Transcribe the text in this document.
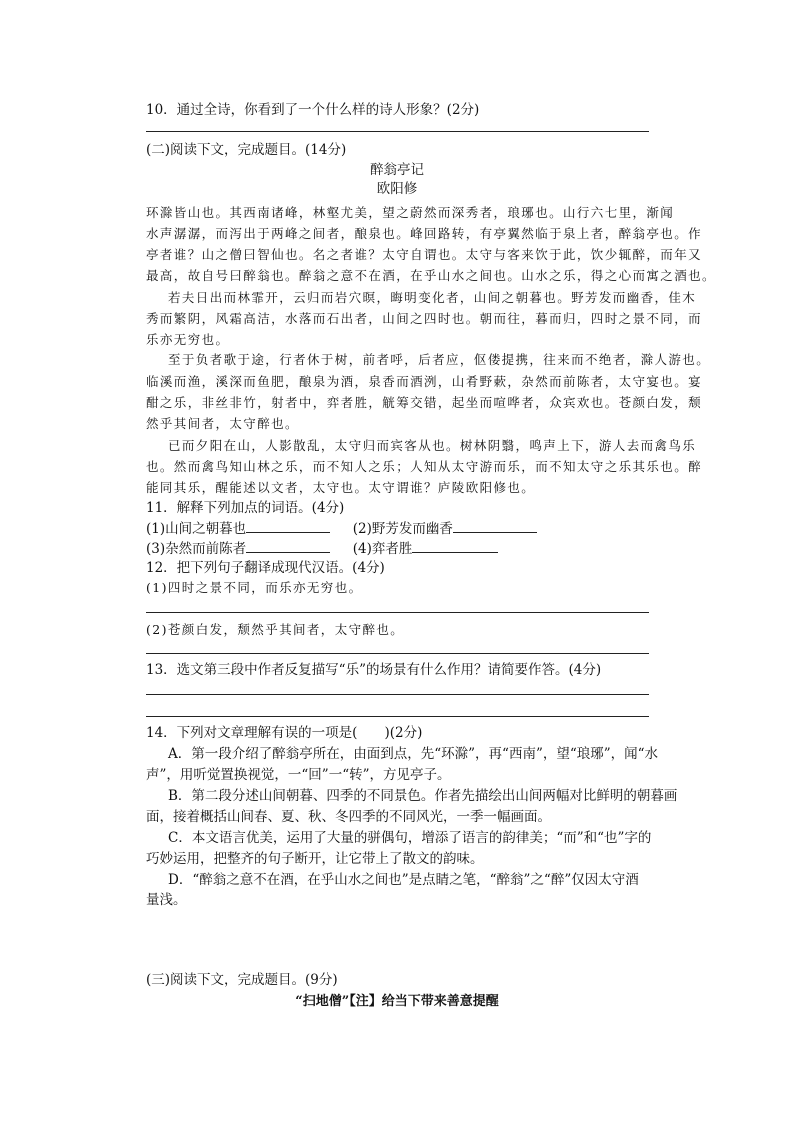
10．通过全诗，你看到了一个什么样的诗人形象？(2分)
(二)阅读下文，完成题目。(14分)
醉翁亭记
欧阳修
环滁皆山也。其西南诸峰，林壑尤美，望之蔚然而深秀者，琅琊也。山行六七里，渐闻
水声潺潺，而泻出于两峰之间者，酿泉也。峰回路转，有亭翼然临于泉上者，醉翁亭也。作
亭者谁？山之僧曰智仙也。名之者谁？太守自谓也。太守与客来饮于此，饮少辄醉，而年又
最高，故自号曰醉翁也。醉翁之意不在酒，在乎山水之间也。山水之乐，得之心而寓之酒也。
若夫日出而林霏开，云归而岩穴暝，晦明变化者，山间之朝暮也。野芳发而幽香，佳木
秀而繁阴，风霜高洁，水落而石出者，山间之四时也。朝而往，暮而归，四时之景不同，而
乐亦无穷也。
至于负者歌于途，行者休于树，前者呼，后者应，伛偻提携，往来而不绝者，滁人游也。
临溪而渔，溪深而鱼肥，酿泉为酒，泉香而酒洌，山肴野蔌，杂然而前陈者，太守宴也。宴
酣之乐，非丝非竹，射者中，弈者胜，觥筹交错，起坐而喧哗者，众宾欢也。苍颜白发，颓
然乎其间者，太守醉也。
已而夕阳在山，人影散乱，太守归而宾客从也。树林阴翳，鸣声上下，游人去而禽鸟乐
也。然而禽鸟知山林之乐，而不知人之乐；人知从太守游而乐，而不知太守之乐其乐也。醉
能同其乐，醒能述以文者，太守也。太守谓谁？庐陵欧阳修也。
11．解释下列加点的词语。(4分)
(1)山间之朝暮也	(2)野芳发而幽香
(3)杂然而前陈者	(4)弈者胜
12．把下列句子翻译成现代汉语。(4分)
(1)四时之景不同，而乐亦无穷也。
(2)苍颜白发，颓然乎其间者，太守醉也。
13．选文第三段中作者反复描写“乐”的场景有什么作用？请简要作答。(4分)
14．下列对文章理解有误的一项是(　　)(2分)
A．第一段介绍了醉翁亭所在，由面到点，先“环滁”，再“西南”，望“琅琊”，闻“水
声”，用听觉置换视觉，一“回”一“转”，方见亭子。
B．第二段分述山间朝暮、四季的不同景色。作者先描绘出山间两幅对比鲜明的朝暮画
面，接着概括山间春、夏、秋、冬四季的不同风光，一季一幅画面。
C．本文语言优美，运用了大量的骈偶句，增添了语言的韵律美；“而”和“也”字的
巧妙运用，把整齐的句子断开，让它带上了散文的韵味。
D．“醉翁之意不在酒，在乎山水之间也”是点睛之笔，“醉翁”之“醉”仅因太守酒
量浅。
(三)阅读下文，完成题目。(9分)
“扫地僧”【注】给当下带来善意提醒
